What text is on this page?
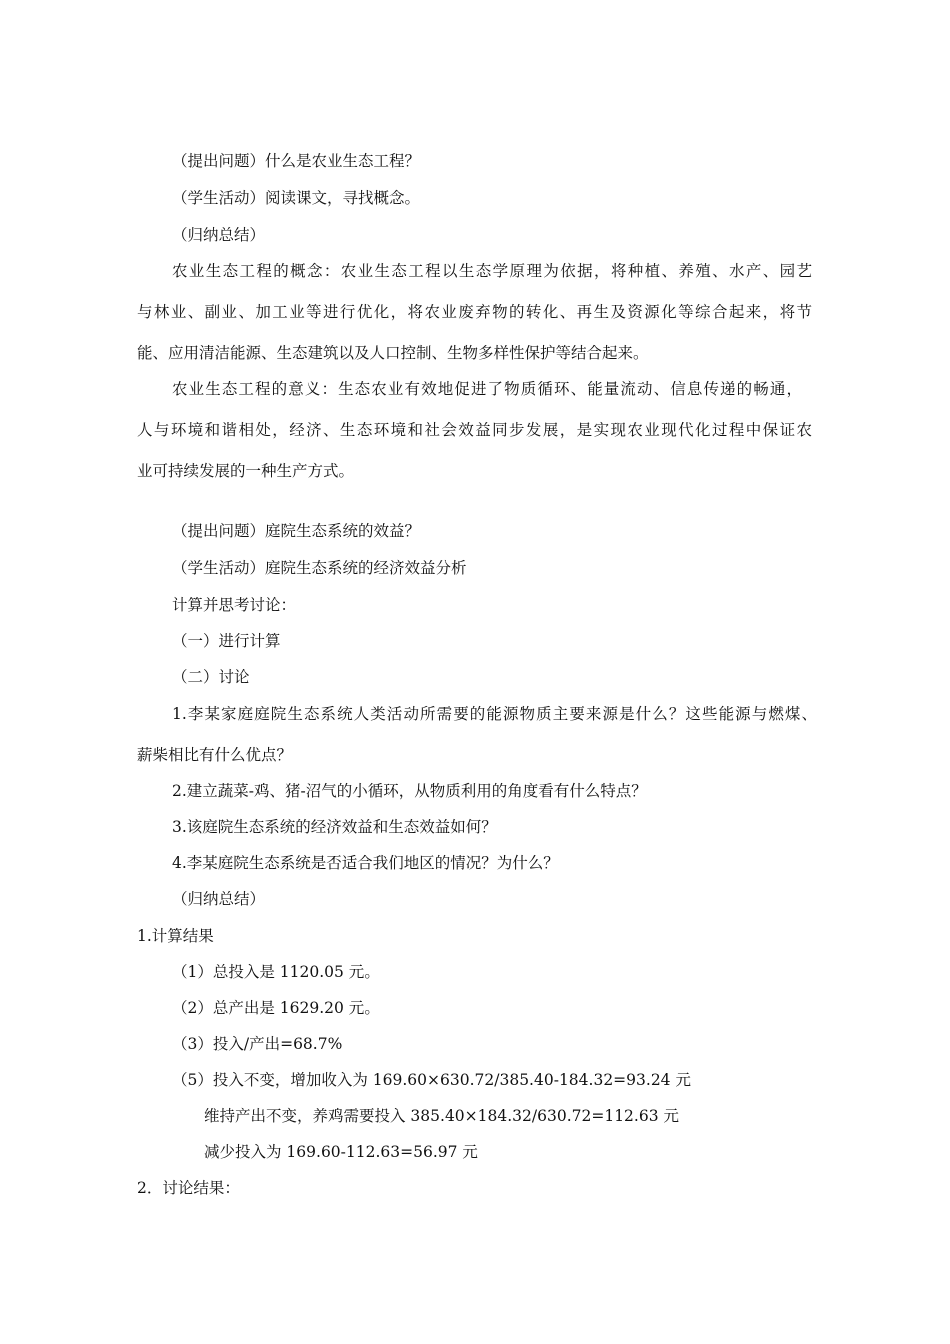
（提出问题）什么是农业生态工程？
（学生活动）阅读课文，寻找概念。
（归纳总结）
农业生态工程的概念：农业生态工程以生态学原理为依据，将种植、养殖、水产、园艺
与林业、副业、加工业等进行优化，将农业废弃物的转化、再生及资源化等综合起来，将节
能、应用清洁能源、生态建筑以及人口控制、生物多样性保护等结合起来。
农业生态工程的意义：生态农业有效地促进了物质循环、能量流动、信息传递的畅通，
人与环境和谐相处，经济、生态环境和社会效益同步发展，是实现农业现代化过程中保证农
业可持续发展的一种生产方式。
（提出问题）庭院生态系统的效益？
（学生活动）庭院生态系统的经济效益分析
计算并思考讨论：
（一）进行计算
（二）讨论
1.李某家庭庭院生态系统人类活动所需要的能源物质主要来源是什么？这些能源与燃煤、
薪柴相比有什么优点？
2.建立蔬菜-鸡、猪-沼气的小循环，从物质利用的角度看有什么特点？
3.该庭院生态系统的经济效益和生态效益如何？
4.李某庭院生态系统是否适合我们地区的情况？为什么？
（归纳总结）
1.计算结果
（1）总投入是 1120.05 元。
（2）总产出是 1629.20 元。
（3）投入/产出=68.7%
（5）投入不变，增加收入为 169.60×630.72/385.40-184.32=93.24 元
维持产出不变，养鸡需要投入 385.40×184.32/630.72=112.63 元
减少投入为 169.60-112.63=56.97 元
2．讨论结果：
